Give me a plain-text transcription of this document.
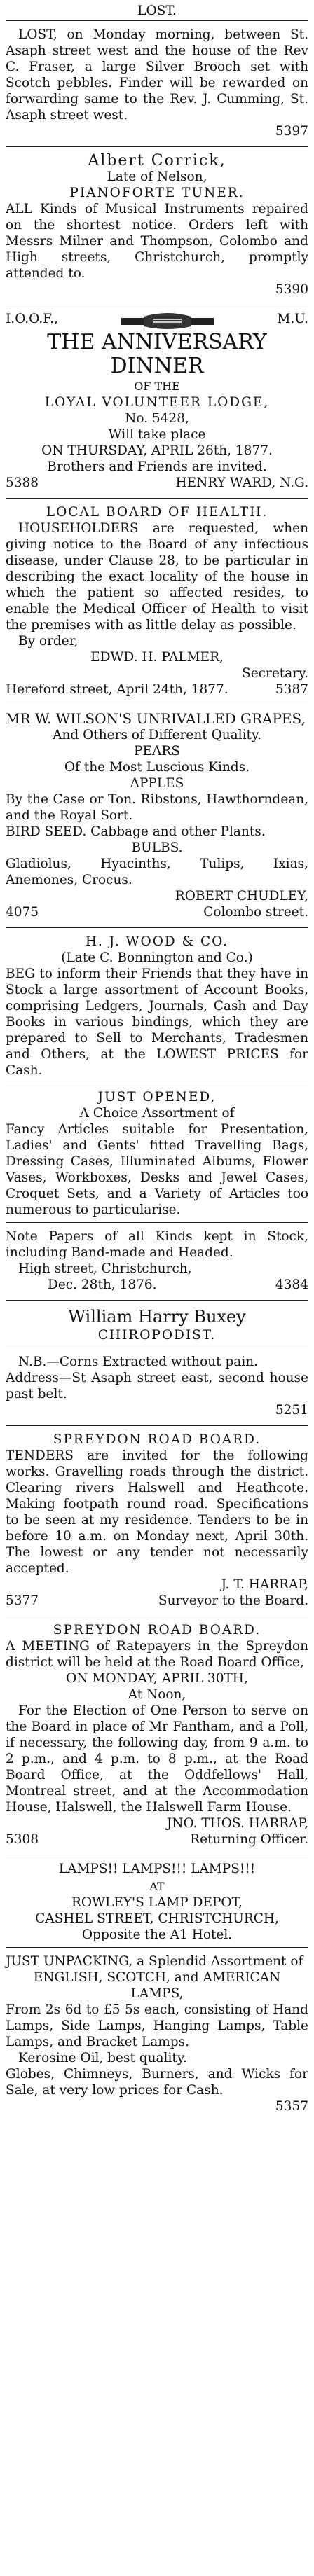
LOST.
LOST, on Monday morning, between St. Asaph street west and the house of the Rev C. Fraser, a large Silver Brooch set with Scotch pebbles. Finder will be rewarded on forwarding same to the Rev. J. Cumming, St. Asaph street west.
5397
Albert Corrick,
Late of Nelson,
PIANOFORTE TUNER.
ALL Kinds of Musical Instruments repaired on the shortest notice. Orders left with Messrs Milner and Thompson, Colombo and High streets, Christchurch, promptly attended to.
5390
I.O.O.F.,	M.U.
THE ANNIVERSARY DINNER
OF THE
LOYAL VOLUNTEER LODGE,
No. 5428,
Will take place
ON THURSDAY, APRIL 26th, 1877.
Brothers and Friends are invited.
5388	HENRY WARD, N.G.
LOCAL BOARD OF HEALTH.
HOUSEHOLDERS are requested, when giving notice to the Board of any infectious disease, under Clause 28, to be particular in describing the exact locality of the house in which the patient so affected resides, to enable the Medical Officer of Health to visit the premises with as little delay as possible.
By order,
EDWD. H. PALMER,
Secretary.
Hereford street, April 24th, 1877.	5387
MR W. WILSON'S UNRIVALLED GRAPES,
And Others of Different Quality.
PEARS
Of the Most Luscious Kinds.
APPLES
By the Case or Ton. Ribstons, Hawthorndean, and the Royal Sort.
BIRD SEED. Cabbage and other Plants.
BULBS.
Gladiolus, Hyacinths, Tulips, Ixias, Anemones, Crocus.
ROBERT CHUDLEY,
4075	Colombo street.
H. J. WOOD & CO.
(Late C. Bonnington and Co.)
BEG to inform their Friends that they have in Stock a large assortment of Account Books, comprising Ledgers, Journals, Cash and Day Books in various bindings, which they are prepared to Sell to Merchants, Tradesmen and Others, at the LOWEST PRICES for Cash.
JUST OPENED,
A Choice Assortment of
Fancy Articles suitable for Presentation, Ladies' and Gents' fitted Travelling Bags, Dressing Cases, Illuminated Albums, Flower Vases, Workboxes, Desks and Jewel Cases, Croquet Sets, and a Variety of Articles too numerous to particularise.
Note Papers of all Kinds kept in Stock, including Band-made and Headed.
High street, Christchurch,
Dec. 28th, 1876.	4384
William Harry Buxey
CHIROPODIST.
N.B.—Corns Extracted without pain.
Address—St Asaph street east, second house past belt.
5251
SPREYDON ROAD BOARD.
TENDERS are invited for the following works. Gravelling roads through the district. Clearing rivers Halswell and Heathcote. Making footpath round road. Specifications to be seen at my residence. Tenders to be in before 10 a.m. on Monday next, April 30th. The lowest or any tender not necessarily accepted.
J. T. HARRAP,
5377	Surveyor to the Board.
SPREYDON ROAD BOARD.
A MEETING of Ratepayers in the Spreydon district will be held at the Road Board Office,
ON MONDAY, APRIL 30TH,
At Noon,
For the Election of One Person to serve on the Board in place of Mr Fantham, and a Poll, if necessary, the following day, from 9 a.m. to 2 p.m., and 4 p.m. to 8 p.m., at the Road Board Office, at the Oddfellows' Hall, Montreal street, and at the Accommodation House, Halswell, the Halswell Farm House.
JNO. THOS. HARRAP,
5308	Returning Officer.
LAMPS!! LAMPS!!! LAMPS!!!
AT
ROWLEY'S LAMP DEPOT,
CASHEL STREET, CHRISTCHURCH,
Opposite the A1 Hotel.
JUST UNPACKING, a Splendid Assortment of
ENGLISH, SCOTCH, and AMERICAN LAMPS,
From 2s 6d to £5 5s each, consisting of Hand Lamps, Side Lamps, Hanging Lamps, Table Lamps, and Bracket Lamps.
Kerosine Oil, best quality.
Globes, Chimneys, Burners, and Wicks for Sale, at very low prices for Cash.
5357
